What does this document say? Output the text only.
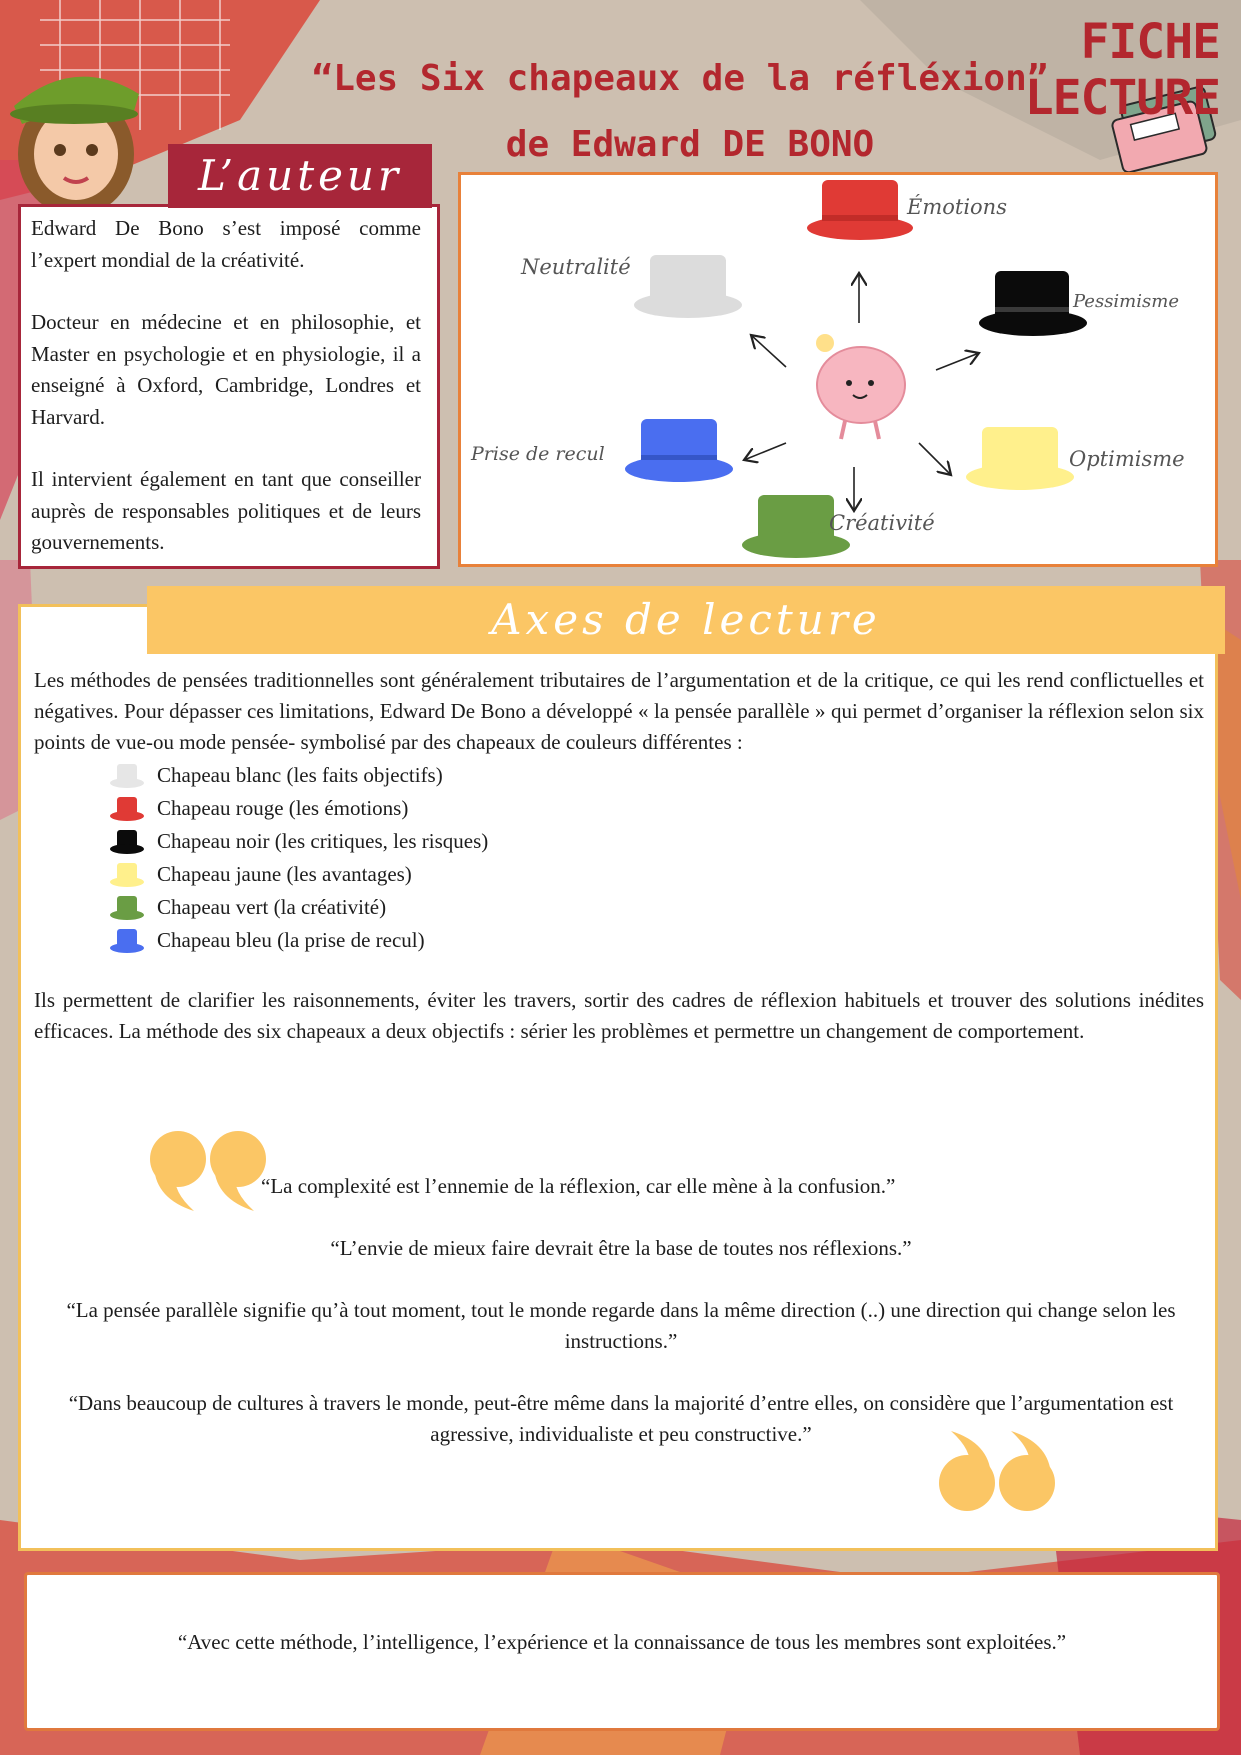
FICHE LECTURE
“Les Six chapeaux de la réfléxion”
de Edward DE BONO

Edward De Bono s’est imposé comme l’expert mondial de la créativité.

Docteur en médecine et en philosophie, et Master en psychologie et en physiologie, il a enseigné à Oxford, Cambridge, Londres et Harvard.

Il intervient également en tant que conseiller auprès de responsables politiques et de leurs gouvernements.

L’auteur
Émotions
Neutralité
Pessimisme
Optimisme
Créativité
Prise de recul
Les méthodes de pensées traditionnelles sont généralement tributaires de l’argumentation et de la critique, ce qui les rend conflictuelles et négatives. Pour dépasser ces limitations, Edward De Bono a développé « la pensée parallèle » qui permet d’organiser la réflexion selon six points de vue-ou mode pensée- symbolisé par des chapeaux de couleurs différentes :
Chapeau blanc (les faits objectifs)
Chapeau rouge (les émotions)
Chapeau noir (les critiques, les risques)
Chapeau jaune (les avantages)
Chapeau vert (la créativité)
Chapeau bleu (la prise de recul)
Ils permettent de clarifier les raisonnements, éviter les travers, sortir des cadres de réflexion habituels et trouver des solutions inédites efficaces. La méthode des six chapeaux a deux objectifs : sérier les problèmes et permettre un changement de comportement.
“La complexité est l’ennemie de la réflexion, car elle mène à la confusion.”
“L’envie de mieux faire devrait être la base de toutes nos réflexions.”
“La pensée parallèle signifie qu’à tout moment, tout le monde regarde dans la même direction (..) une direction qui change selon les instructions.”
“Dans beaucoup de cultures à travers le monde, peut-être même dans la majorité d’entre elles, on considère que l’argumentation est agressive, individualiste et peu constructive.”
Axes de lecture
“Avec cette méthode, l’intelligence, l’expérience et la connaissance de tous les membres sont exploitées.”
